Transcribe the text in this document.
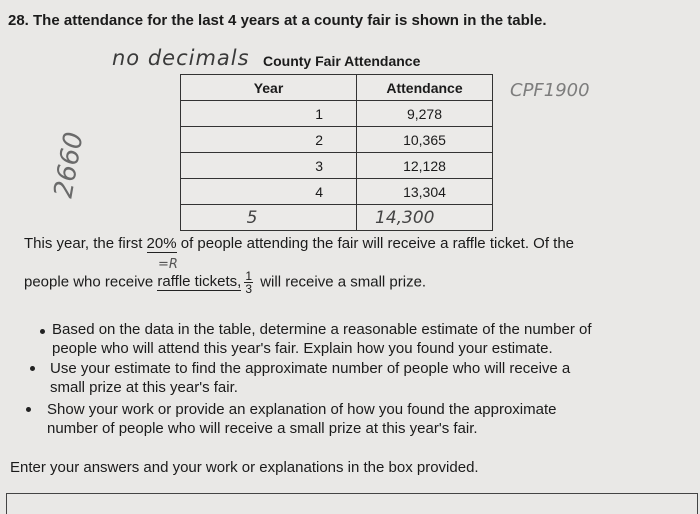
28. The attendance for the last 4 years at a county fair is shown in the table.
no decimals County Fair Attendance
2660
CPF1900
Year	Attendance
1	9,278
2	10,365
3	12,128
4	13,304
5	14,300
This year, the first 20% of people attending the fair will receive a raffle ticket. Of the
=R
people who receive raffle tickets, $\frac{1}{3}$ will receive a small prize.
Based on the data in the table, determine a reasonable estimate of the number of
people who will attend this year's fair. Explain how you found your estimate.
Use your estimate to find the approximate number of people who will receive a
small prize at this year's fair.
Show your work or provide an explanation of how you found the approximate
number of people who will receive a small prize at this year's fair.
Enter your answers and your work or explanations in the box provided.
